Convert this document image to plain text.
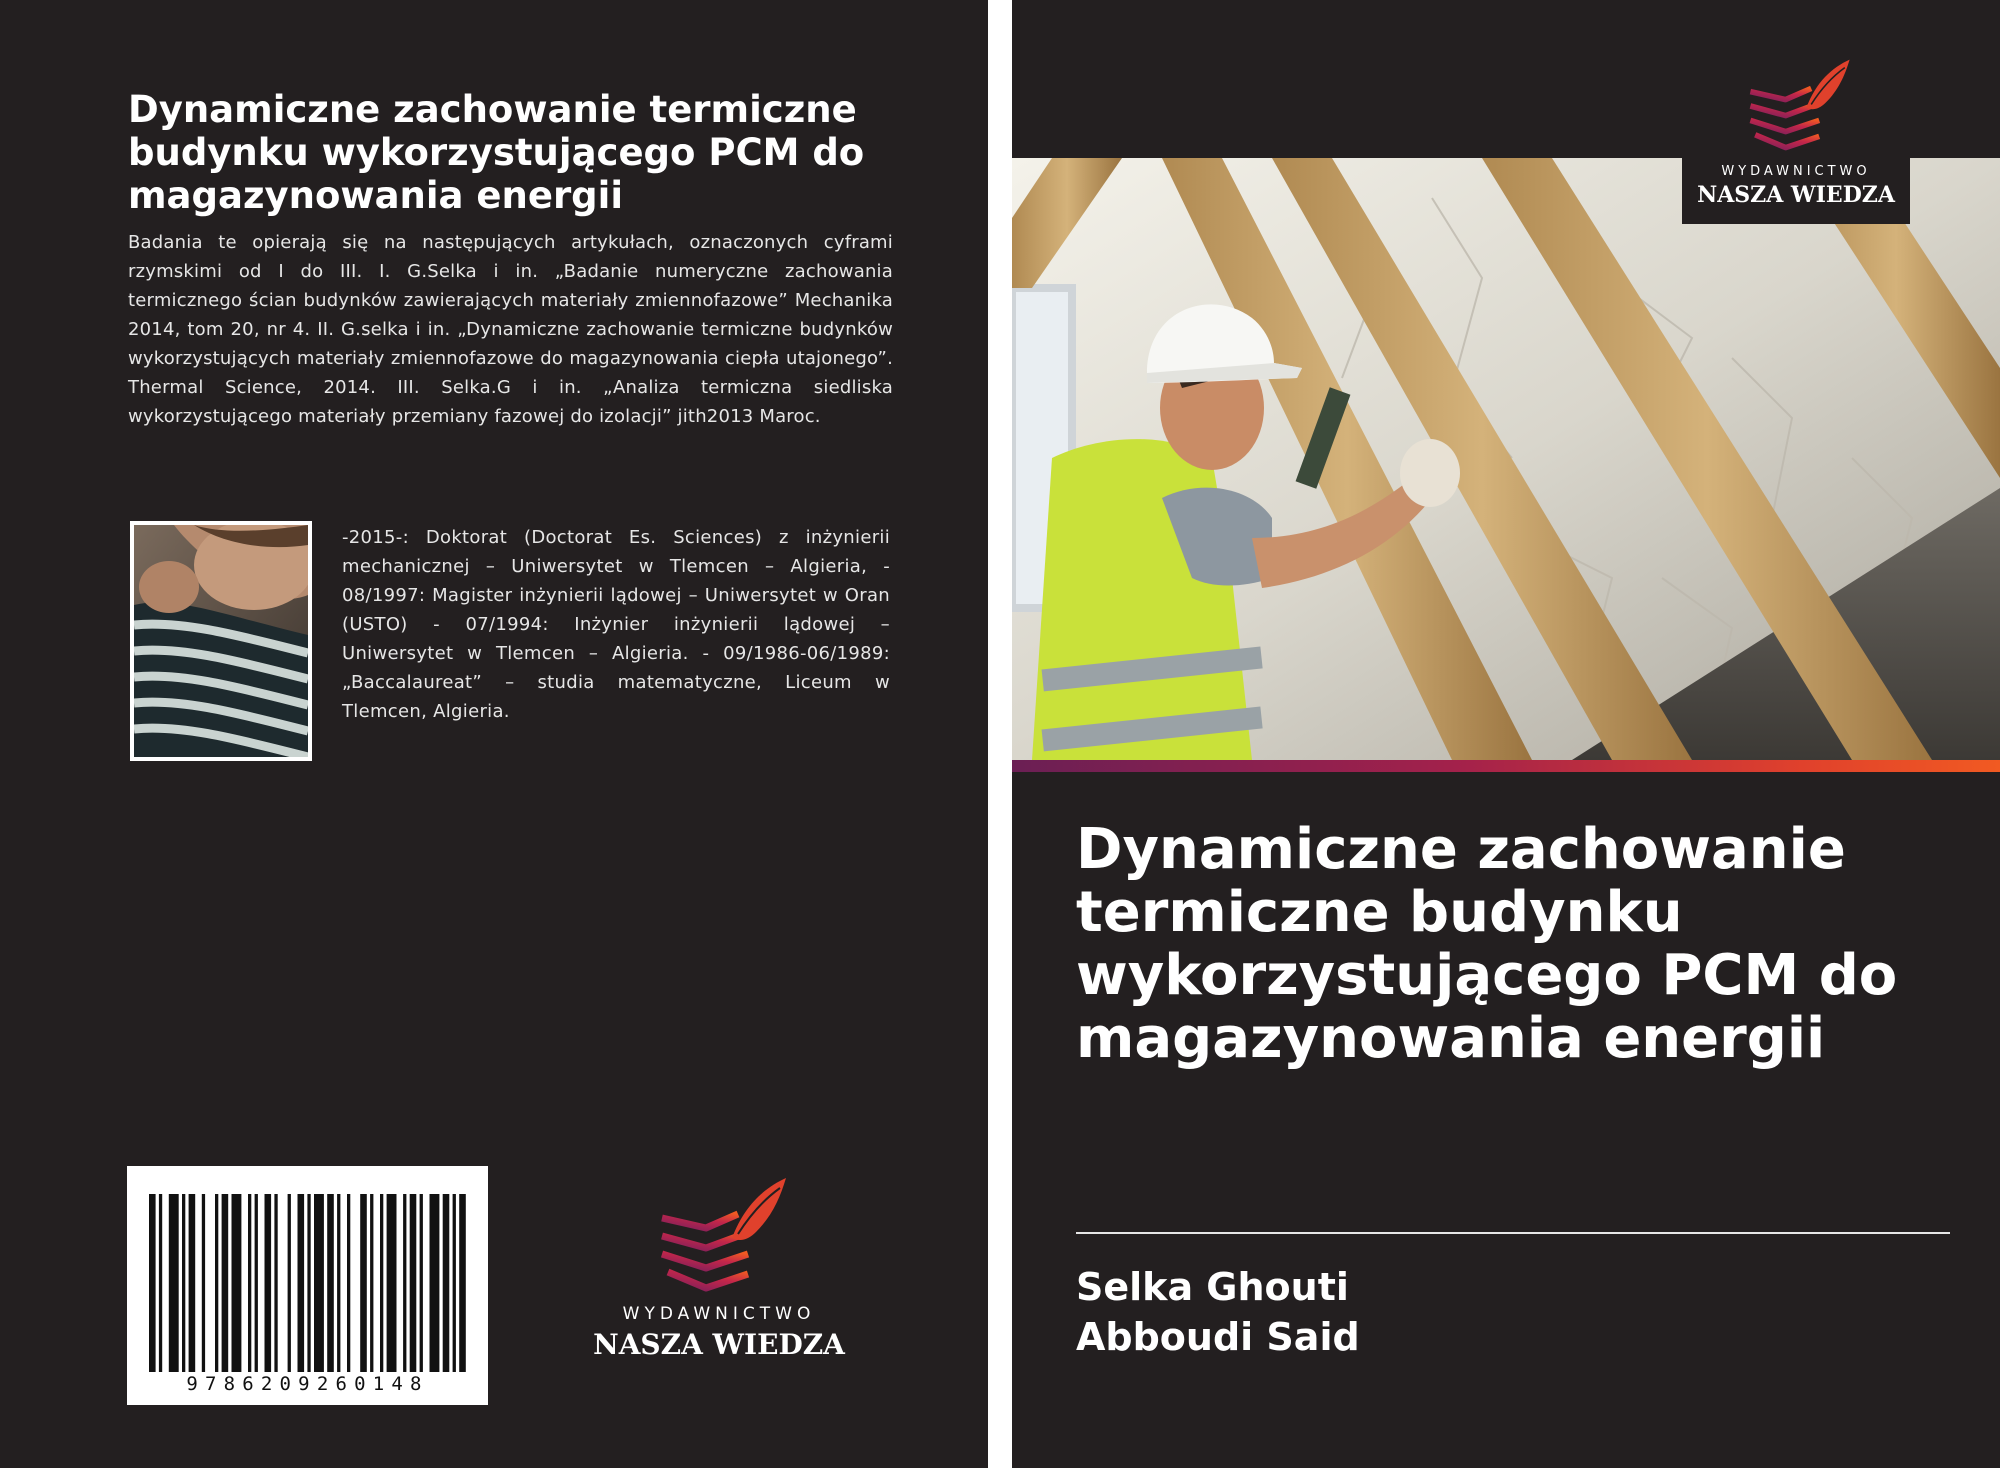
Dynamiczne zachowanie termiczne budynku wykorzystującego PCM do magazynowania energii

Badania te opierają się na następujących artykułach, oznaczonych cyframi rzymskimi od I do III. I. G.Selka i in. „Badanie numeryczne zachowania termicznego ścian budynków zawierających materiały zmiennofazowe” Mechanika 2014, tom 20, nr 4. II. G.selka i in. „Dynamiczne zachowanie termiczne budynków wykorzystujących materiały zmiennofazowe do magazynowania ciepła utajonego”. Thermal Science, 2014. III. Selka.G i in. „Analiza termiczna siedliska wykorzystującego materiały przemiany fazowej do izolacji” jith2013 Maroc.

-2015-: Doktorat (Doctorat Es. Sciences) z inżynierii mechanicznej – Uniwersytet w Tlemcen – Algieria, - 08/1997: Magister inżynierii lądowej – Uniwersytet w Oran (USTO) - 07/1994: Inżynier inżynierii lądowej – Uniwersytet w Tlemcen – Algieria. - 09/1986-06/1989: „Baccalaureat” – studia matematyczne, Liceum w Tlemcen, Algieria.

9786209260148
WYDAWNICTWO
NASZA WIEDZA
WYDAWNICTWO
NASZA WIEDZA
Dynamiczne zachowanie termiczne budynku wykorzystującego PCM do magazynowania energii
Selka Ghouti
Abboudi Said
